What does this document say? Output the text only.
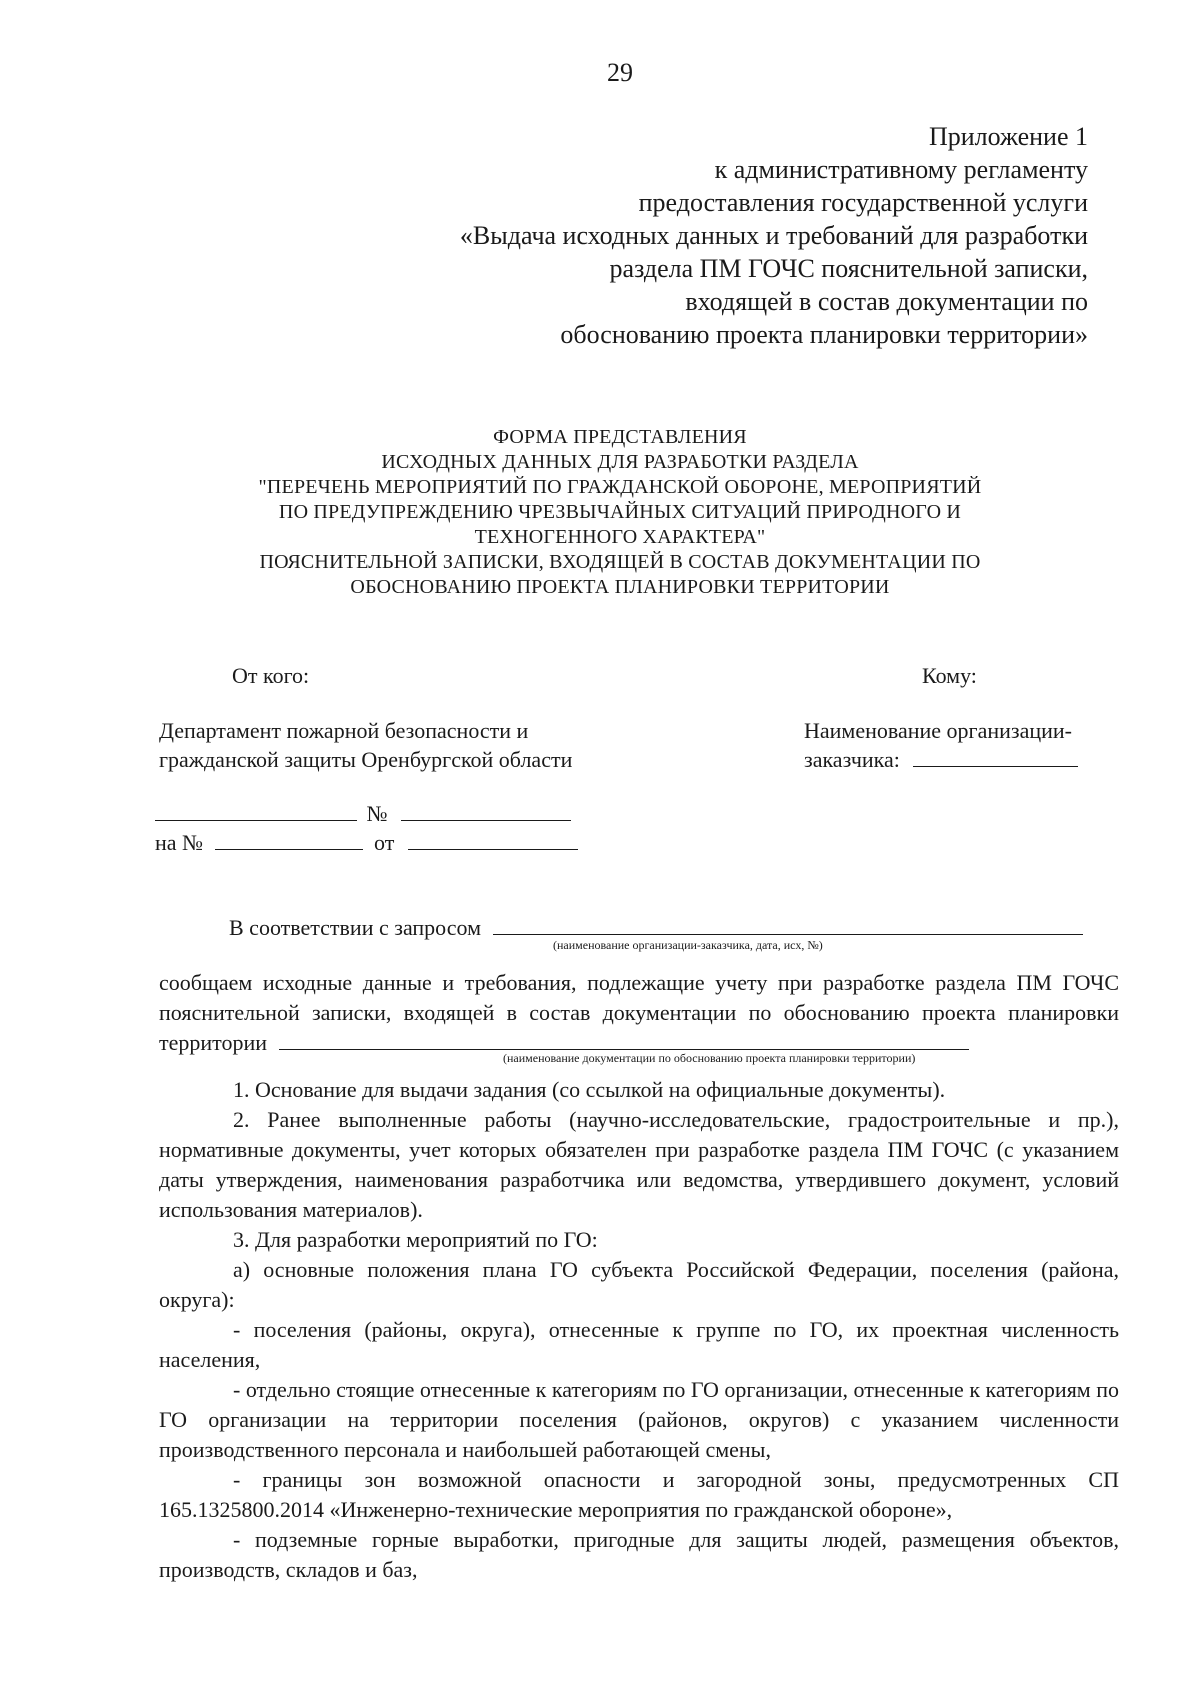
29
Приложение 1
к административному регламенту
предоставления государственной услуги
«Выдача исходных данных и требований для разработки
раздела ПМ ГОЧС пояснительной записки,
входящей в состав документации по
обоснованию проекта планировки территории»
ФОРМА ПРЕДСТАВЛЕНИЯ
ИСХОДНЫХ ДАННЫХ ДЛЯ РАЗРАБОТКИ РАЗДЕЛА
"ПЕРЕЧЕНЬ МЕРОПРИЯТИЙ ПО ГРАЖДАНСКОЙ ОБОРОНЕ, МЕРОПРИЯТИЙ
ПО ПРЕДУПРЕЖДЕНИЮ ЧРЕЗВЫЧАЙНЫХ СИТУАЦИЙ ПРИРОДНОГО И
ТЕХНОГЕННОГО ХАРАКТЕРА"
ПОЯСНИТЕЛЬНОЙ ЗАПИСКИ, ВХОДЯЩЕЙ В СОСТАВ ДОКУМЕНТАЦИИ ПО
ОБОСНОВАНИЮ ПРОЕКТА ПЛАНИРОВКИ ТЕРРИТОРИИ
От кого:	Кому:
Департамент пожарной безопасности и
гражданской защиты Оренбургской области
Наименование организации-
заказчика:
№
на №	от
В соответствии с запросом
(наименование организации-заказчика, дата, исх, №)
сообщаем исходные данные и требования, подлежащие учету при разработке раздела ПМ ГОЧС пояснительной записки, входящей в состав документации по обоснованию проекта планировки территории
(наименование документации по обоснованию проекта планировки территории)

1. Основание для выдачи задания (со ссылкой на официальные документы).

2. Ранее выполненные работы (научно-исследовательские, градостроительные и пр.), нормативные документы, учет которых обязателен при разработке раздела ПМ ГОЧС (с указанием даты утверждения, наименования разработчика или ведомства, утвердившего документ, условий использования материалов).

3. Для разработки мероприятий по ГО:

а) основные положения плана ГО субъекта Российской Федерации, поселения (района, округа):

- поселения (районы, округа), отнесенные к группе по ГО, их проектная численность населения,

- отдельно стоящие отнесенные к категориям по ГО организации, отнесенные к категориям по ГО организации на территории поселения (районов, округов) с указанием численности производственного персонала и наибольшей работающей смены,

- границы зон возможной опасности и загородной зоны, предусмотренных СП 165.1325800.2014 «Инженерно-технические мероприятия по гражданской обороне»,

- подземные горные выработки, пригодные для защиты людей, размещения объектов, производств, складов и баз,
